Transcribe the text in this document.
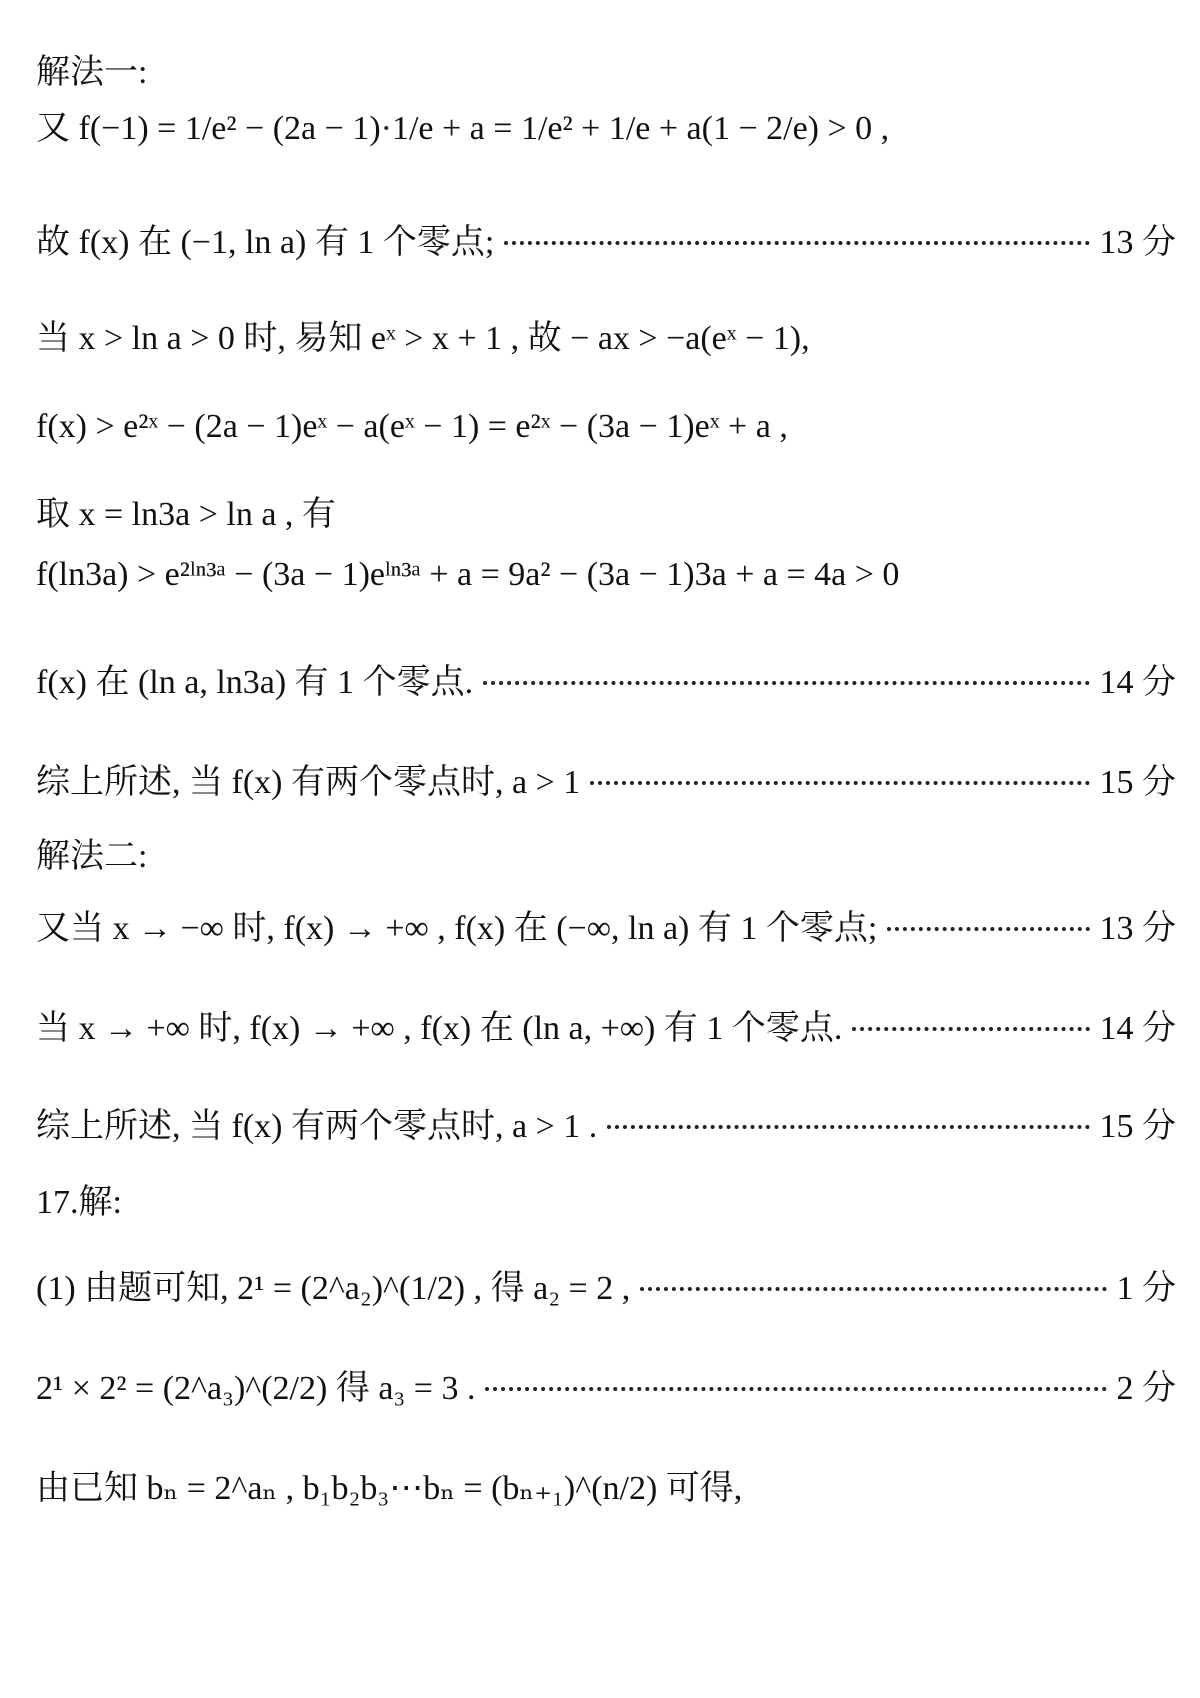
解法一:
又 f(−1) = 1/e² − (2a − 1)·1/e + a = 1/e² + 1/e + a(1 − 2/e) > 0 ,
故 f(x) 在 (−1, ln a) 有 1 个零点;	13 分
当 x > ln a > 0 时, 易知 eˣ > x + 1 , 故 − ax > −a(eˣ − 1),
f(x) > e²ˣ − (2a − 1)eˣ − a(eˣ − 1) = e²ˣ − (3a − 1)eˣ + a ,
取 x = ln3a > ln a , 有
f(ln3a) > e²ˡⁿ³ᵃ − (3a − 1)eˡⁿ³ᵃ + a = 9a² − (3a − 1)3a + a = 4a > 0
f(x) 在 (ln a, ln3a) 有 1 个零点.	14 分
综上所述, 当 f(x) 有两个零点时, a > 1	15 分
解法二:
又当 x → −∞ 时, f(x) → +∞ , f(x) 在 (−∞, ln a) 有 1 个零点;	13 分
当 x → +∞ 时, f(x) → +∞ , f(x) 在 (ln a, +∞) 有 1 个零点.	14 分
综上所述, 当 f(x) 有两个零点时, a > 1 .	15 分
17.解:
(1) 由题可知, 2¹ = (2^a₂)^(1/2) , 得 a₂ = 2 ,	1 分
2¹ × 2² = (2^a₃)^(2/2) 得 a₃ = 3 .	2 分
由已知 bₙ = 2^aₙ , b₁b₂b₃⋯bₙ = (bₙ₊₁)^(n/2) 可得,
